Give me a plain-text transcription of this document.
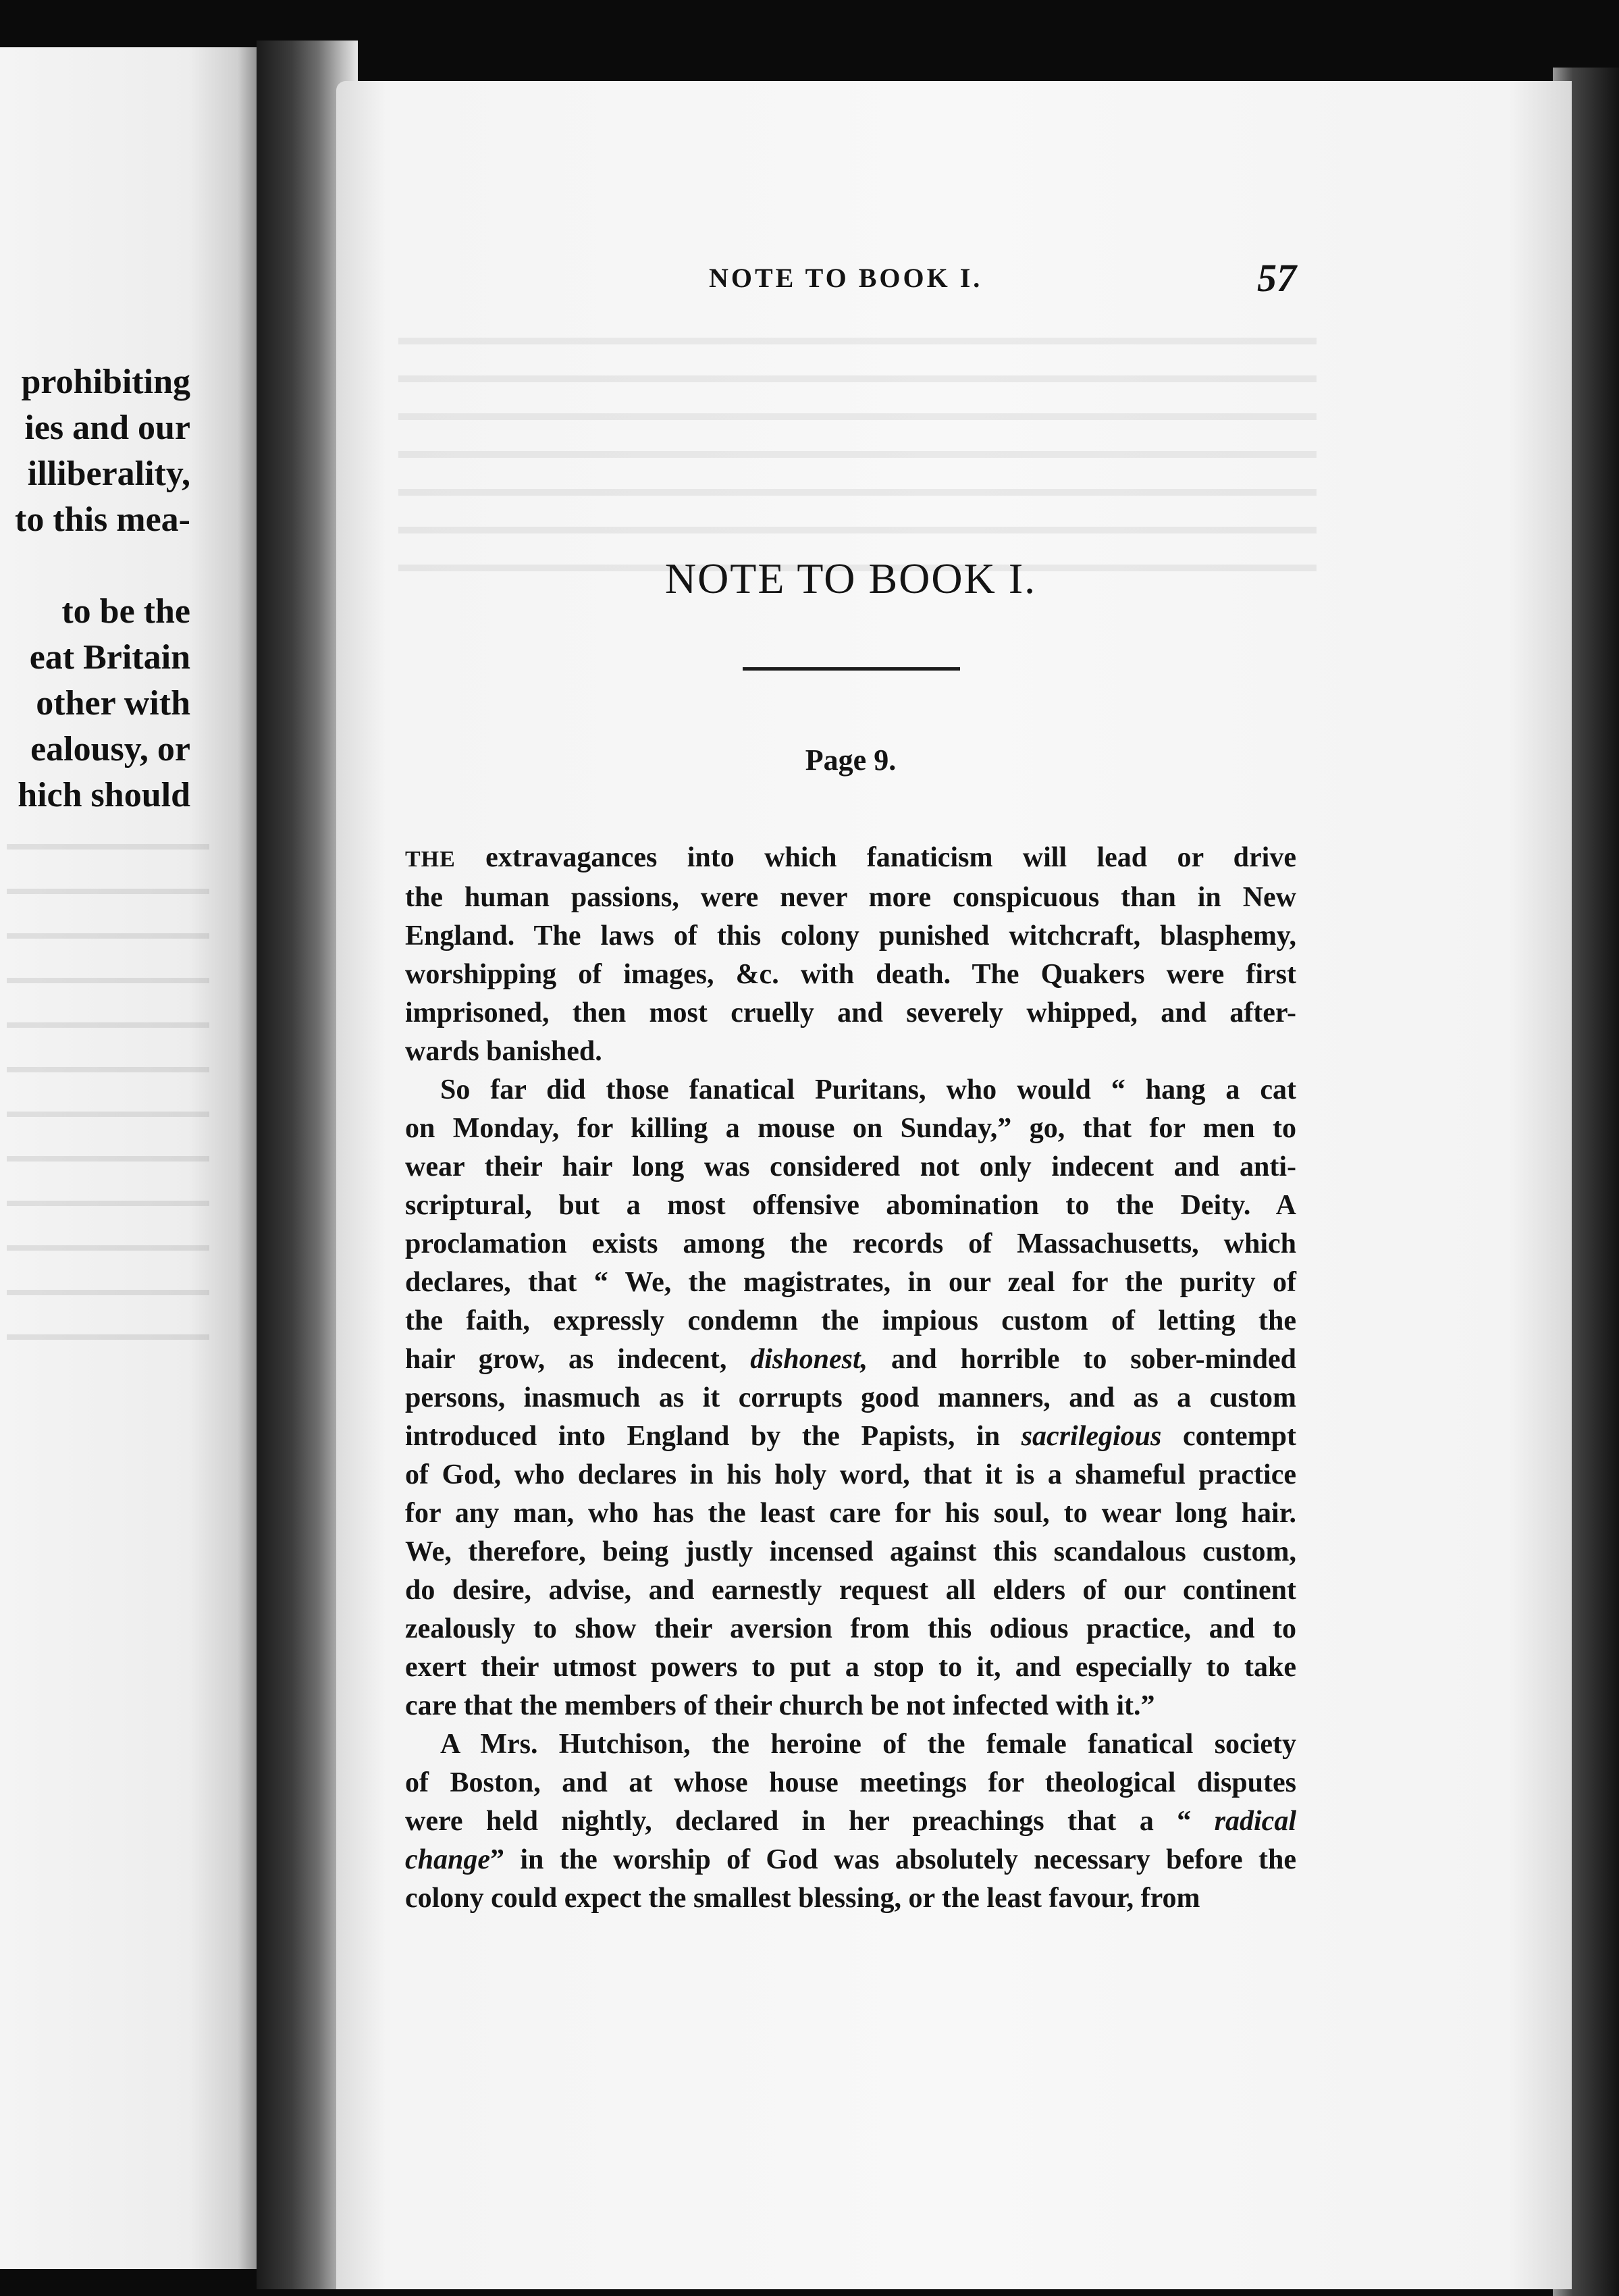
prohibiting
ies and our
illiberality,
to this mea-

to be the
eat Britain
other with
ealousy, or
hich should
NOTE TO BOOK I.	57
NOTE TO BOOK I.
Page 9.
THE extravagances into which fanaticism will lead or drive
the human passions, were never more conspicuous than in New
England. The laws of this colony punished witchcraft, blasphemy,
worshipping of images, &c. with death. The Quakers were first
imprisoned, then most cruelly and severely whipped, and after-
wards banished.
So far did those fanatical Puritans, who would “ hang a cat
on Monday, for killing a mouse on Sunday,” go, that for men to
wear their hair long was considered not only indecent and anti-
scriptural, but a most offensive abomination to the Deity. A
proclamation exists among the records of Massachusetts, which
declares, that “ We, the magistrates, in our zeal for the purity of
the faith, expressly condemn the impious custom of letting the
hair grow, as indecent, dishonest, and horrible to sober-minded
persons, inasmuch as it corrupts good manners, and as a custom
introduced into England by the Papists, in sacrilegious contempt
of God, who declares in his holy word, that it is a shameful practice
for any man, who has the least care for his soul, to wear long hair.
We, therefore, being justly incensed against this scandalous custom,
do desire, advise, and earnestly request all elders of our continent
zealously to show their aversion from this odious practice, and to
exert their utmost powers to put a stop to it, and especially to take
care that the members of their church be not infected with it.”
A Mrs. Hutchison, the heroine of the female fanatical society
of Boston, and at whose house meetings for theological disputes
were held nightly, declared in her preachings that a “ radical
change” in the worship of God was absolutely necessary before the
colony could expect the smallest blessing, or the least favour, from
